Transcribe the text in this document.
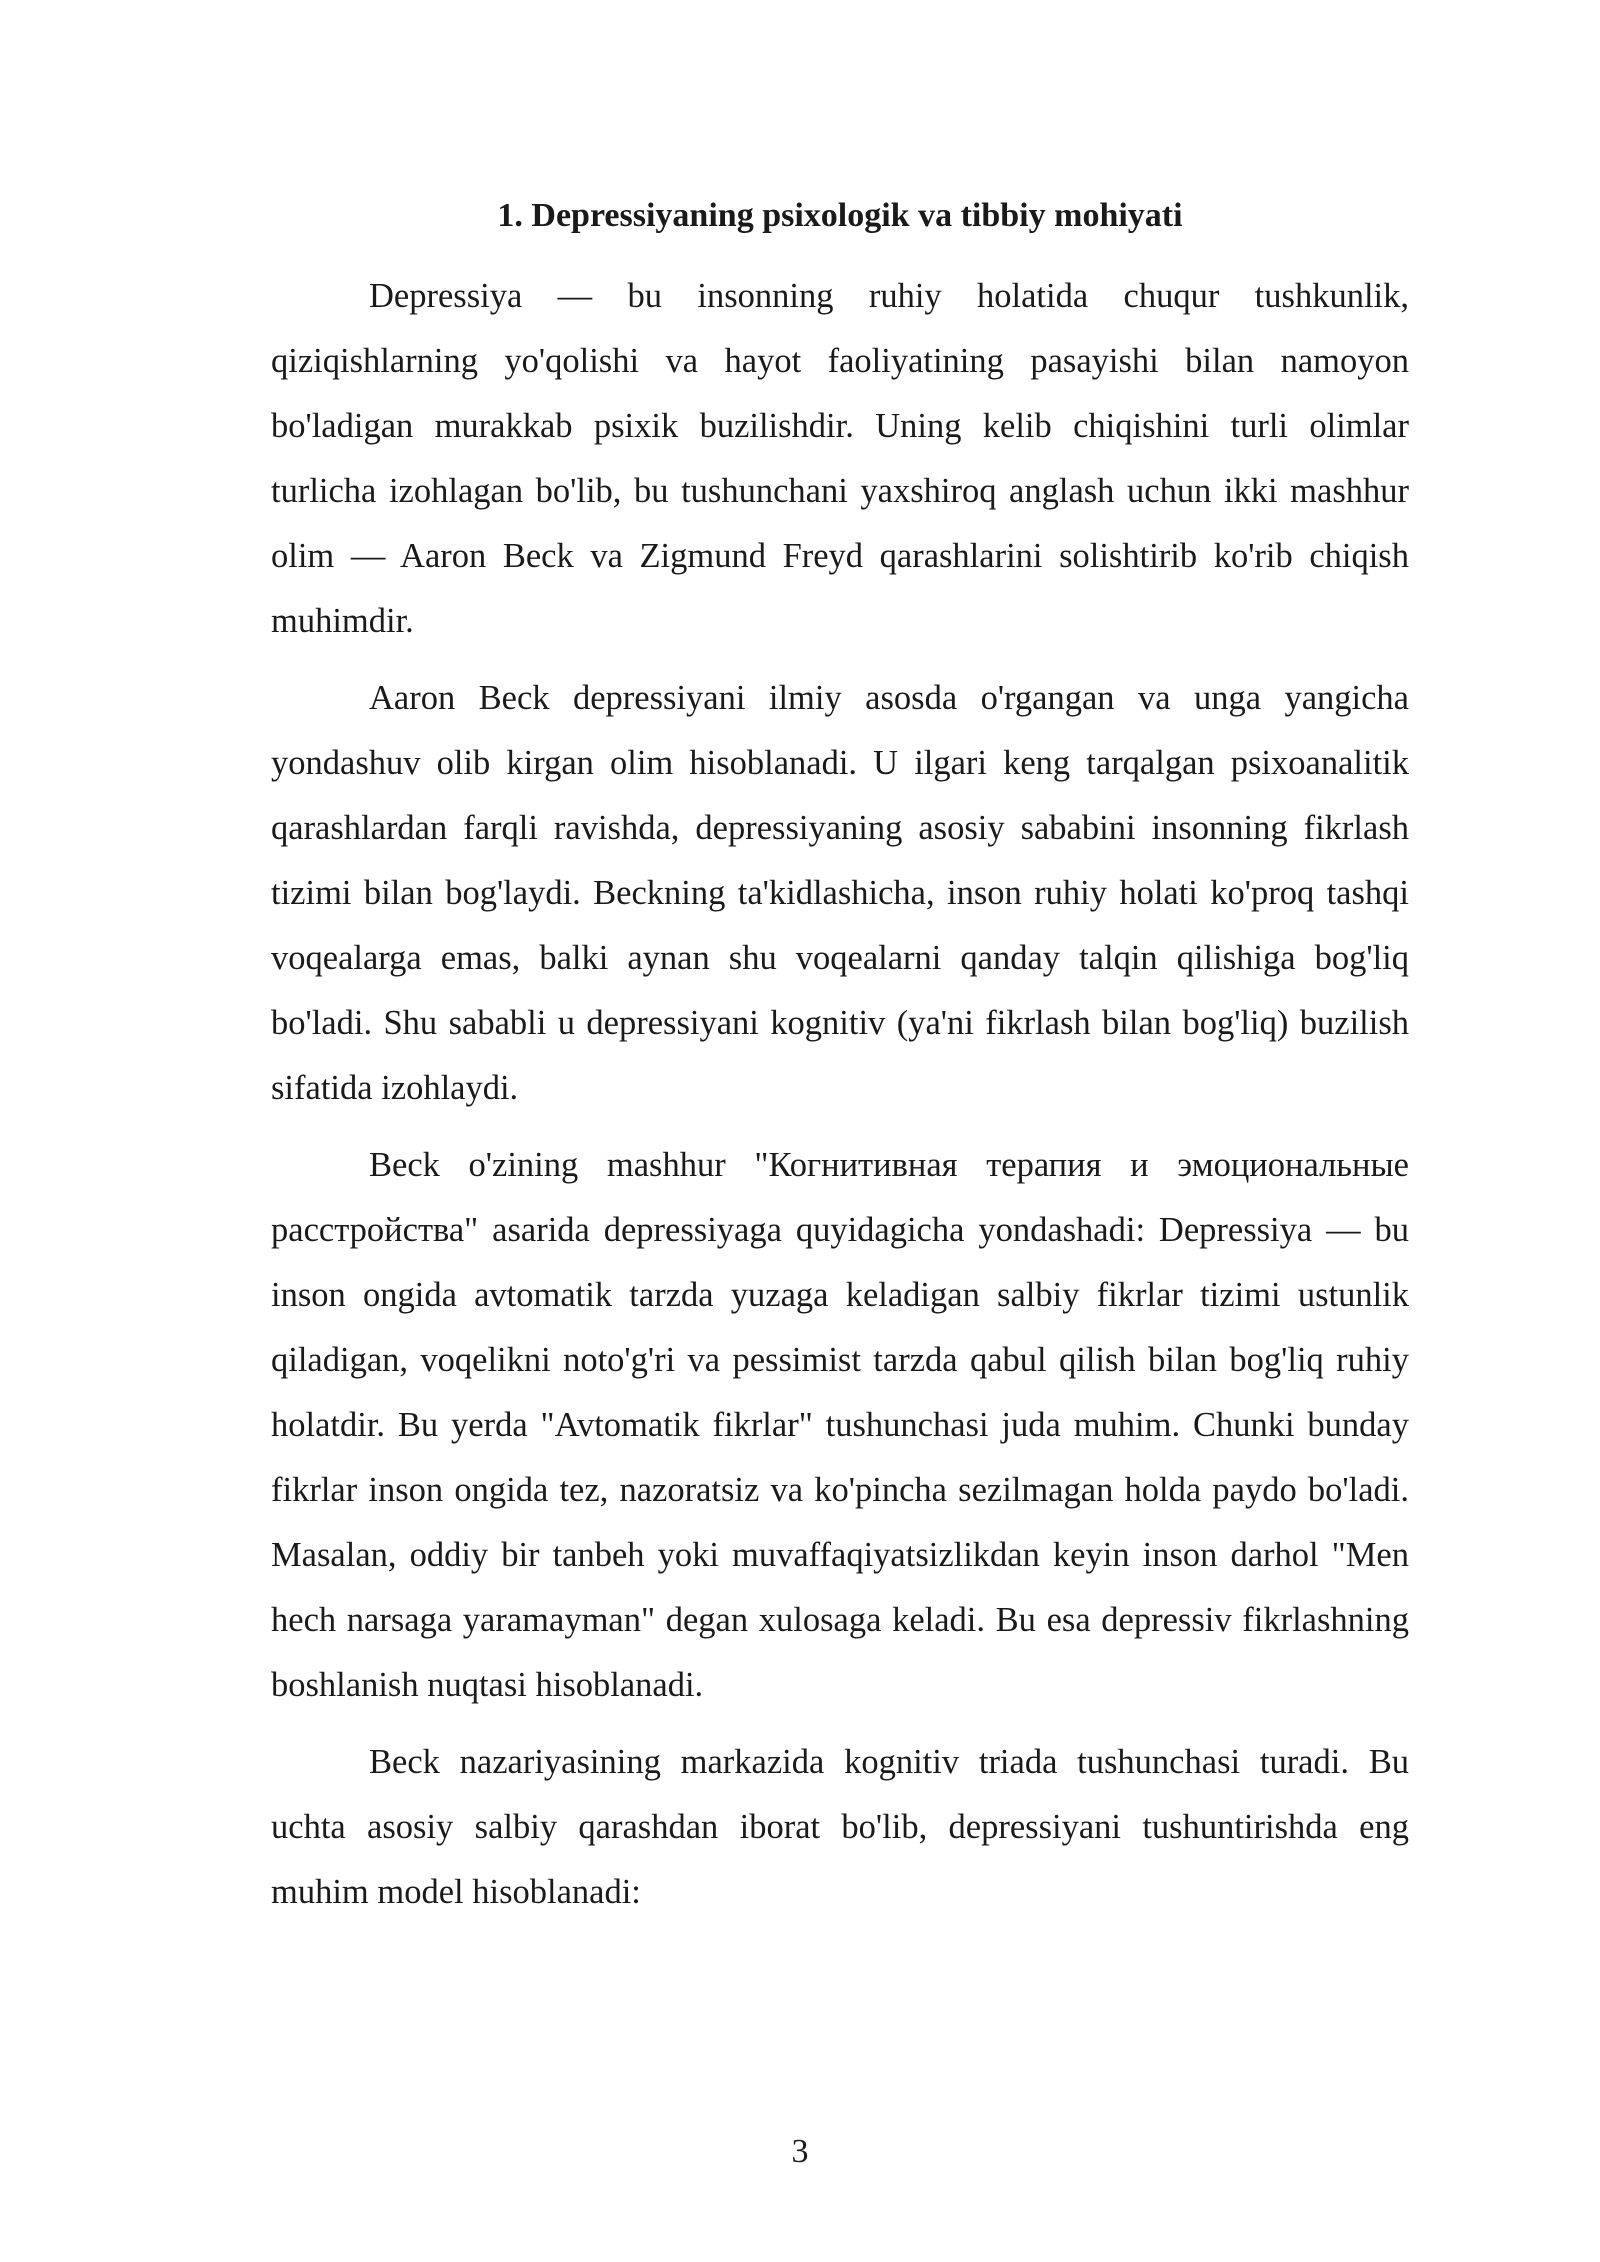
1. Depressiyaning psixologik va tibbiy mohiyati

Depressiya — bu insonning ruhiy holatida chuqur tushkunlik, qiziqishlarning yo'qolishi va hayot faoliyatining pasayishi bilan namoyon bo'ladigan murakkab psixik buzilishdir. Uning kelib chiqishini turli olimlar turlicha izohlagan bo'lib, bu tushunchani yaxshiroq anglash uchun ikki mashhur olim — Aaron Beck va Zigmund Freyd qarashlarini solishtirib ko'rib chiqish muhimdir.

Aaron Beck depressiyani ilmiy asosda o'rgangan va unga yangicha yondashuv olib kirgan olim hisoblanadi. U ilgari keng tarqalgan psixoanalitik qarashlardan farqli ravishda, depressiyaning asosiy sababini insonning fikrlash tizimi bilan bog'laydi. Beckning ta'kidlashicha, inson ruhiy holati ko'proq tashqi voqealarga emas, balki aynan shu voqealarni qanday talqin qilishiga bog'liq bo'ladi. Shu sababli u depressiyani kognitiv (ya'ni fikrlash bilan bog'liq) buzilish sifatida izohlaydi.

Beck o'zining mashhur "Когнитивная терапия и эмоциональные расстройства" asarida depressiyaga quyidagicha yondashadi: Depressiya — bu inson ongida avtomatik tarzda yuzaga keladigan salbiy fikrlar tizimi ustunlik qiladigan, voqelikni noto'g'ri va pessimist tarzda qabul qilish bilan bog'liq ruhiy holatdir. Bu yerda "Avtomatik fikrlar" tushunchasi juda muhim. Chunki bunday fikrlar inson ongida tez, nazoratsiz va ko'pincha sezilmagan holda paydo bo'ladi. Masalan, oddiy bir tanbeh yoki muvaffaqiyatsizlikdan keyin inson darhol "Men hech narsaga yaramayman" degan xulosaga keladi. Bu esa depressiv fikrlashning boshlanish nuqtasi hisoblanadi.

Beck nazariyasining markazida kognitiv triada tushunchasi turadi. Bu uchta asosiy salbiy qarashdan iborat bo'lib, depressiyani tushuntirishda eng muhim model hisoblanadi:

3
